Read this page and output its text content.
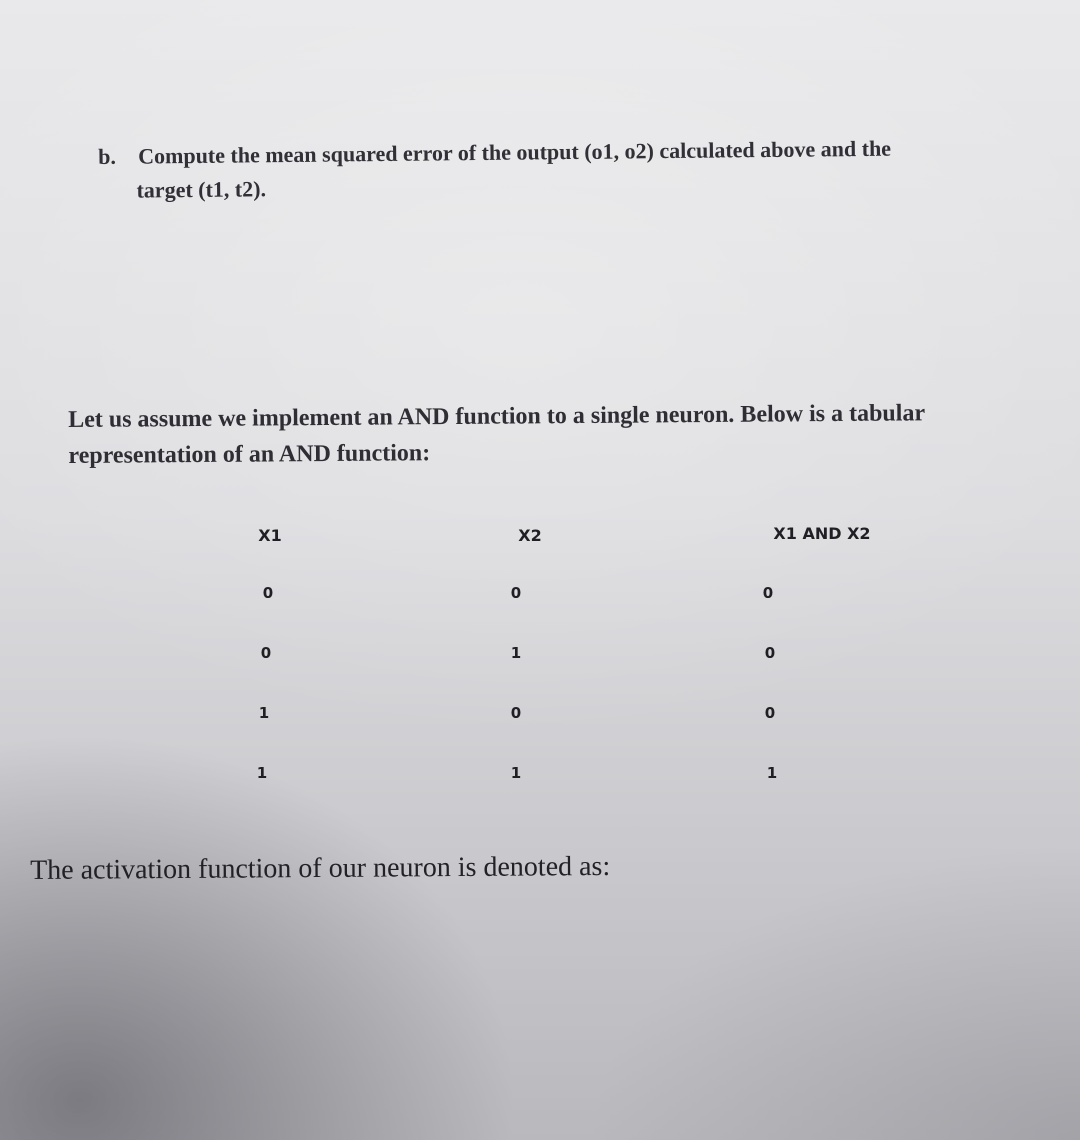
b. Compute the mean squared error of the output (o1, o2) calculated above and the
target (t1, t2).
Let us assume we implement an AND function to a single neuron. Below is a tabular
representation of an AND function:
X1	X2	X1 AND X2
0	0	0
0	1	0
1	0	0
1	1	1
The activation function of our neuron is denoted as:
